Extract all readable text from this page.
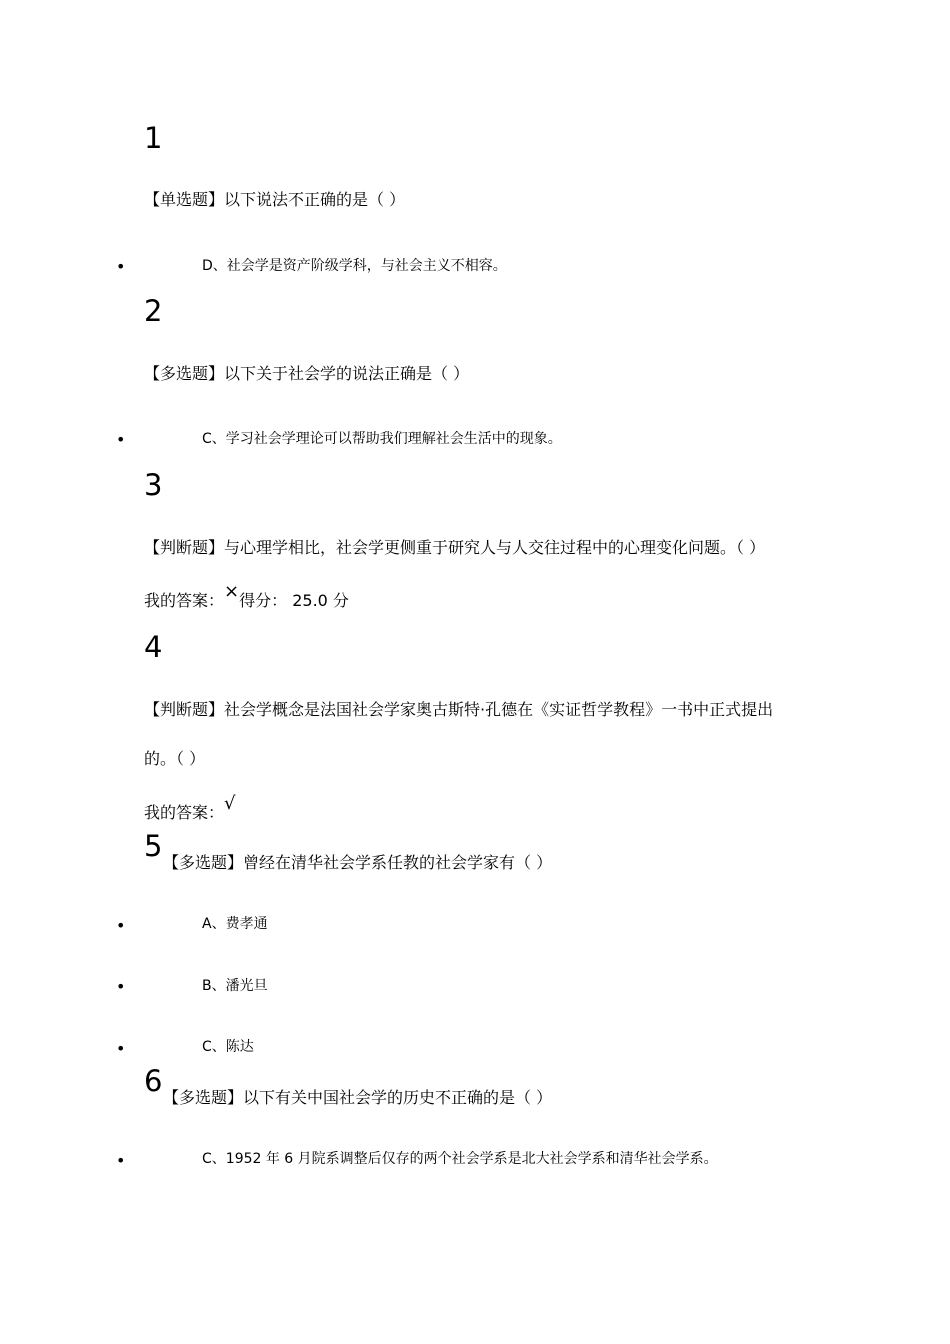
1
【单选题】以下说法不正确的是（ ）
•	D、社会学是资产阶级学科，与社会主义不相容。
2
【多选题】以下关于社会学的说法正确是（ ）
•	C、学习社会学理论可以帮助我们理解社会生活中的现象。
3
【判断题】与心理学相比，社会学更侧重于研究人与人交往过程中的心理变化问题。（ ）
我的答案：×得分： 25.0 分
4
【判断题】社会学概念是法国社会学家奥古斯特·孔德在《实证哲学教程》一书中正式提出
的。（ ）
我的答案：√
5 【多选题】曾经在清华社会学系任教的社会学家有（ ）
•	A、费孝通
•	B、潘光旦
•	C、陈达
6 【多选题】以下有关中国社会学的历史不正确的是（ ）
•	C、1952 年 6 月院系调整后仅存的两个社会学系是北大社会学系和清华社会学系。
